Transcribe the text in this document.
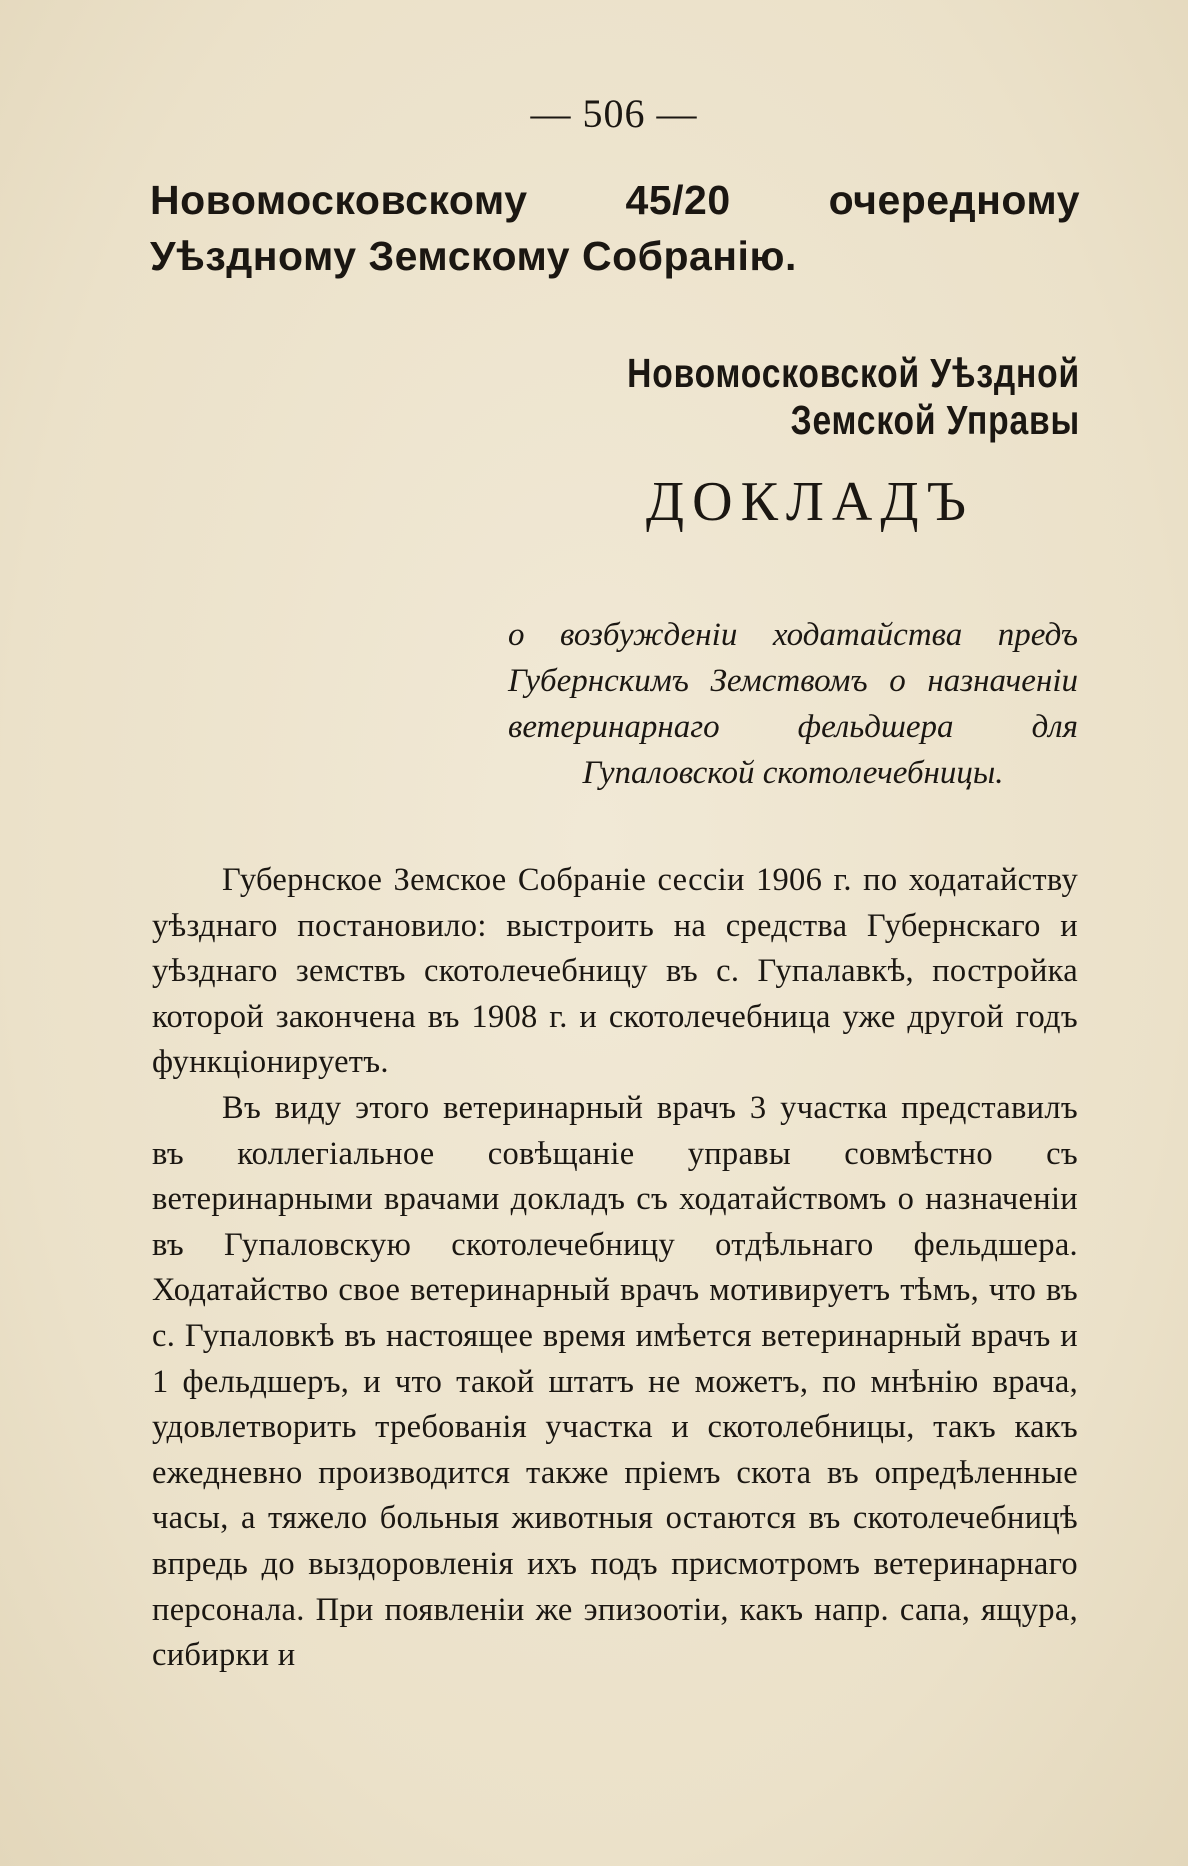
— 506 —
Новомосковскому 45/20 очередному Уѣздному Земскому Собранію.
Новомосковской Уѣздной Земской Управы
ДОКЛАДЪ
о возбужденіи ходатайства предъ Губернскимъ Земствомъ о назначеніи ветеринарнаго фельдшера для Гупаловской скотолечебницы.

Губернское Земское Собраніе сессіи 1906 г. по ходатайству уѣзднаго постановило: выстроить на средства Губернскаго и уѣзднаго земствъ скотолечебницу въ с. Гупалавкѣ, постройка которой закончена въ 1908 г. и скотолечебница уже другой годъ функціонируетъ.

Въ виду этого ветеринарный врачъ 3 участка представилъ въ коллегіальное совѣщаніе управы совмѣстно съ ветеринарными врачами докладъ съ ходатайствомъ о назначеніи въ Гупаловскую скотолечебницу отдѣльнаго фельдшера. Ходатайство свое ветеринарный врачъ мотивируетъ тѣмъ, что въ с. Гупаловкѣ въ настоящее время имѣется ветеринарный врачъ и 1 фельдшеръ, и что такой штатъ не можетъ, по мнѣнію врача, удовлетворить требованія участка и скотолебницы, такъ какъ ежедневно производится также пріемъ скота въ опредѣленные часы, а тяжело больныя животныя остаются въ скотолечебницѣ впредь до выздоровленія ихъ подъ присмотромъ ветеринарнаго персонала. При появленіи же эпизоотіи, какъ напр. сапа, ящура, сибирки и
